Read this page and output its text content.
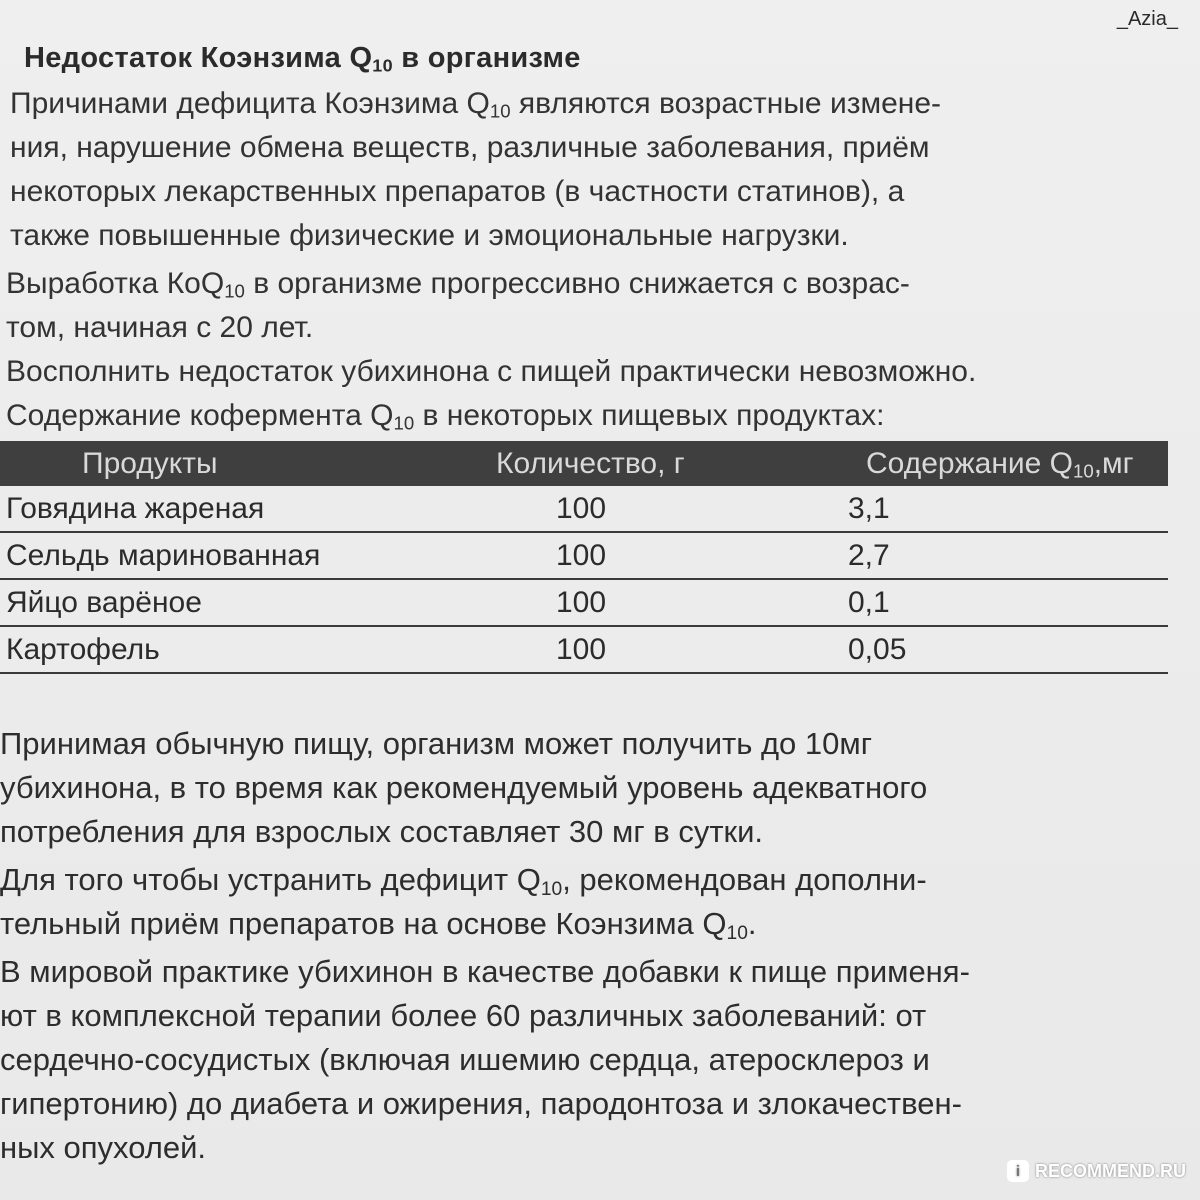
_Azia_
Недостаток Коэнзима $Q_{10}$ в организме
Причинами дефицита Коэнзима $Q_{10}$ являются возрастные измене-
ния, нарушение обмена веществ, различные заболевания, приём
некоторых лекарственных препаратов (в частности статинов), а
также повышенные физические и эмоциональные нагрузки.
Выработка КоQ$_{10}$ в организме прогрессивно снижается с возрас-
том, начиная с 20 лет.
Восполнить недостаток убихинона с пищей практически невозможно.
Содержание кофермента $Q_{10}$ в некоторых пищевых продуктах:
Продукты	Количество, г	Содержание $Q_{10},мг$
Говядина жареная	100	3,1
Сельдь маринованная	100	2,7
Яйцо варёное	100	0,1
Картофель	100	0,05
Принимая обычную пищу, организм может получить до 10мг
убихинона, в то время как рекомендуемый уровень адекватного
потребления для взрослых составляет 30 мг в сутки.
Для того чтобы устранить дефицит $Q_{10}$, рекомендован дополни-
тельный приём препаратов на основе Коэнзима $Q_{10}$.
В мировой практике убихинон в качестве добавки к пище применя-
ют в комплексной терапии более 60 различных заболеваний: от
сердечно-сосудистых (включая ишемию сердца, атеросклероз и
гипертонию) до диабета и ожирения, пародонтоза и злокачествен-
ных опухолей.
i RECOMMEND.RU
